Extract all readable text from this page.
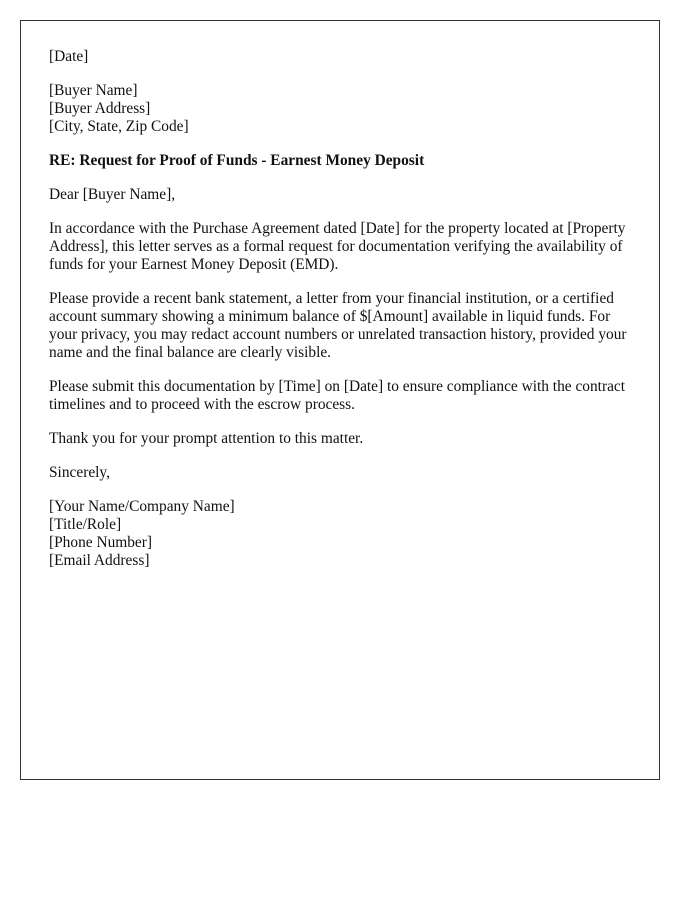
[Date]
[Buyer Name]
[Buyer Address]
[City, State, Zip Code]
RE: Request for Proof of Funds - Earnest Money Deposit
Dear [Buyer Name],

In accordance with the Purchase Agreement dated [Date] for the property located at [Property Address], this letter serves as a formal request for documentation verifying the availability of funds for your Earnest Money Deposit (EMD).

Please provide a recent bank statement, a letter from your financial institution, or a certified account summary showing a minimum balance of $[Amount] available in liquid funds. For your privacy, you may redact account numbers or unrelated transaction history, provided your name and the final balance are clearly visible.

Please submit this documentation by [Time] on [Date] to ensure compliance with the contract timelines and to proceed with the escrow process.

Thank you for your prompt attention to this matter.

Sincerely,
[Your Name/Company Name]
[Title/Role]
[Phone Number]
[Email Address]
